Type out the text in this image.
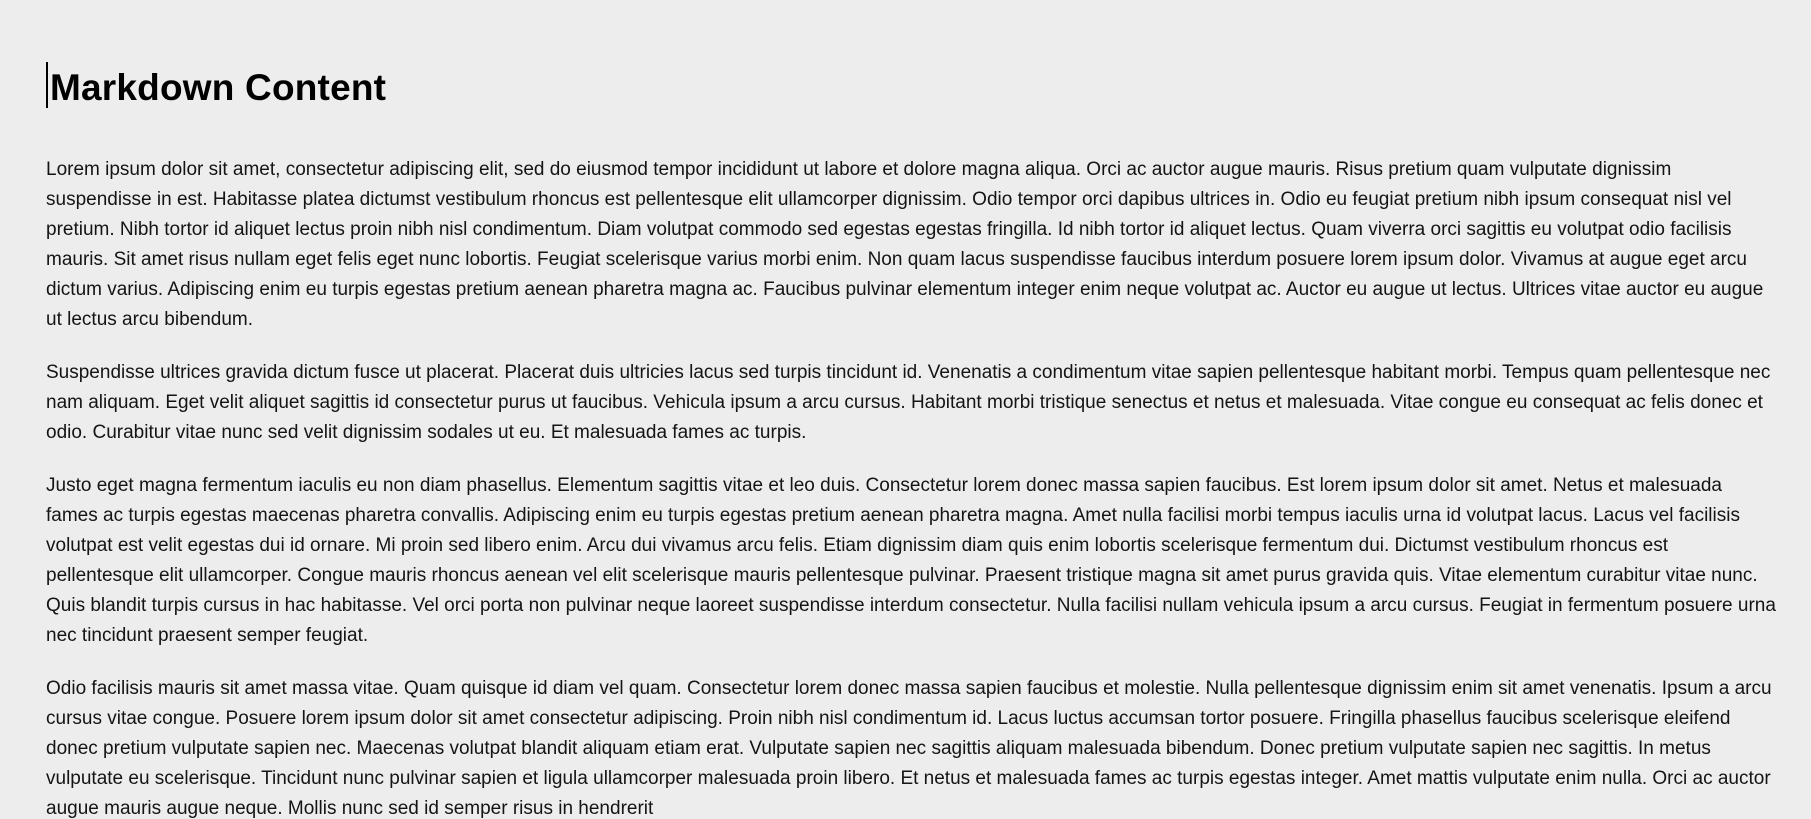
Markdown Content

Lorem ipsum dolor sit amet, consectetur adipiscing elit, sed do eiusmod tempor incididunt ut labore et dolore magna aliqua. Orci ac auctor augue mauris. Risus pretium quam vulputate dignissim suspendisse in est. Habitasse platea dictumst vestibulum rhoncus est pellentesque elit ullamcorper dignissim. Odio tempor orci dapibus ultrices in. Odio eu feugiat pretium nibh ipsum consequat nisl vel pretium. Nibh tortor id aliquet lectus proin nibh nisl condimentum. Diam volutpat commodo sed egestas egestas fringilla. Id nibh tortor id aliquet lectus. Quam viverra orci sagittis eu volutpat odio facilisis mauris. Sit amet risus nullam eget felis eget nunc lobortis. Feugiat scelerisque varius morbi enim. Non quam lacus suspendisse faucibus interdum posuere lorem ipsum dolor. Vivamus at augue eget arcu dictum varius. Adipiscing enim eu turpis egestas pretium aenean pharetra magna ac. Faucibus pulvinar elementum integer enim neque volutpat ac. Auctor eu augue ut lectus. Ultrices vitae auctor eu augue ut lectus arcu bibendum.

Suspendisse ultrices gravida dictum fusce ut placerat. Placerat duis ultricies lacus sed turpis tincidunt id. Venenatis a condimentum vitae sapien pellentesque habitant morbi. Tempus quam pellentesque nec nam aliquam. Eget velit aliquet sagittis id consectetur purus ut faucibus. Vehicula ipsum a arcu cursus. Habitant morbi tristique senectus et netus et malesuada. Vitae congue eu consequat ac felis donec et odio. Curabitur vitae nunc sed velit dignissim sodales ut eu. Et malesuada fames ac turpis.

Justo eget magna fermentum iaculis eu non diam phasellus. Elementum sagittis vitae et leo duis. Consectetur lorem donec massa sapien faucibus. Est lorem ipsum dolor sit amet. Netus et malesuada fames ac turpis egestas maecenas pharetra convallis. Adipiscing enim eu turpis egestas pretium aenean pharetra magna. Amet nulla facilisi morbi tempus iaculis urna id volutpat lacus. Lacus vel facilisis volutpat est velit egestas dui id ornare. Mi proin sed libero enim. Arcu dui vivamus arcu felis. Etiam dignissim diam quis enim lobortis scelerisque fermentum dui. Dictumst vestibulum rhoncus est pellentesque elit ullamcorper. Congue mauris rhoncus aenean vel elit scelerisque mauris pellentesque pulvinar. Praesent tristique magna sit amet purus gravida quis. Vitae elementum curabitur vitae nunc. Quis blandit turpis cursus in hac habitasse. Vel orci porta non pulvinar neque laoreet suspendisse interdum consectetur. Nulla facilisi nullam vehicula ipsum a arcu cursus. Feugiat in fermentum posuere urna nec tincidunt praesent semper feugiat.

Odio facilisis mauris sit amet massa vitae. Quam quisque id diam vel quam. Consectetur lorem donec massa sapien faucibus et molestie. Nulla pellentesque dignissim enim sit amet venenatis. Ipsum a arcu cursus vitae congue. Posuere lorem ipsum dolor sit amet consectetur adipiscing. Proin nibh nisl condimentum id. Lacus luctus accumsan tortor posuere. Fringilla phasellus faucibus scelerisque eleifend donec pretium vulputate sapien nec. Maecenas volutpat blandit aliquam etiam erat. Vulputate sapien nec sagittis aliquam malesuada bibendum. Donec pretium vulputate sapien nec sagittis. In metus vulputate eu scelerisque. Tincidunt nunc pulvinar sapien et ligula ullamcorper malesuada proin libero. Et netus et malesuada fames ac turpis egestas integer. Amet mattis vulputate enim nulla. Orci ac auctor augue mauris augue neque. Mollis nunc sed id semper risus in hendrerit
